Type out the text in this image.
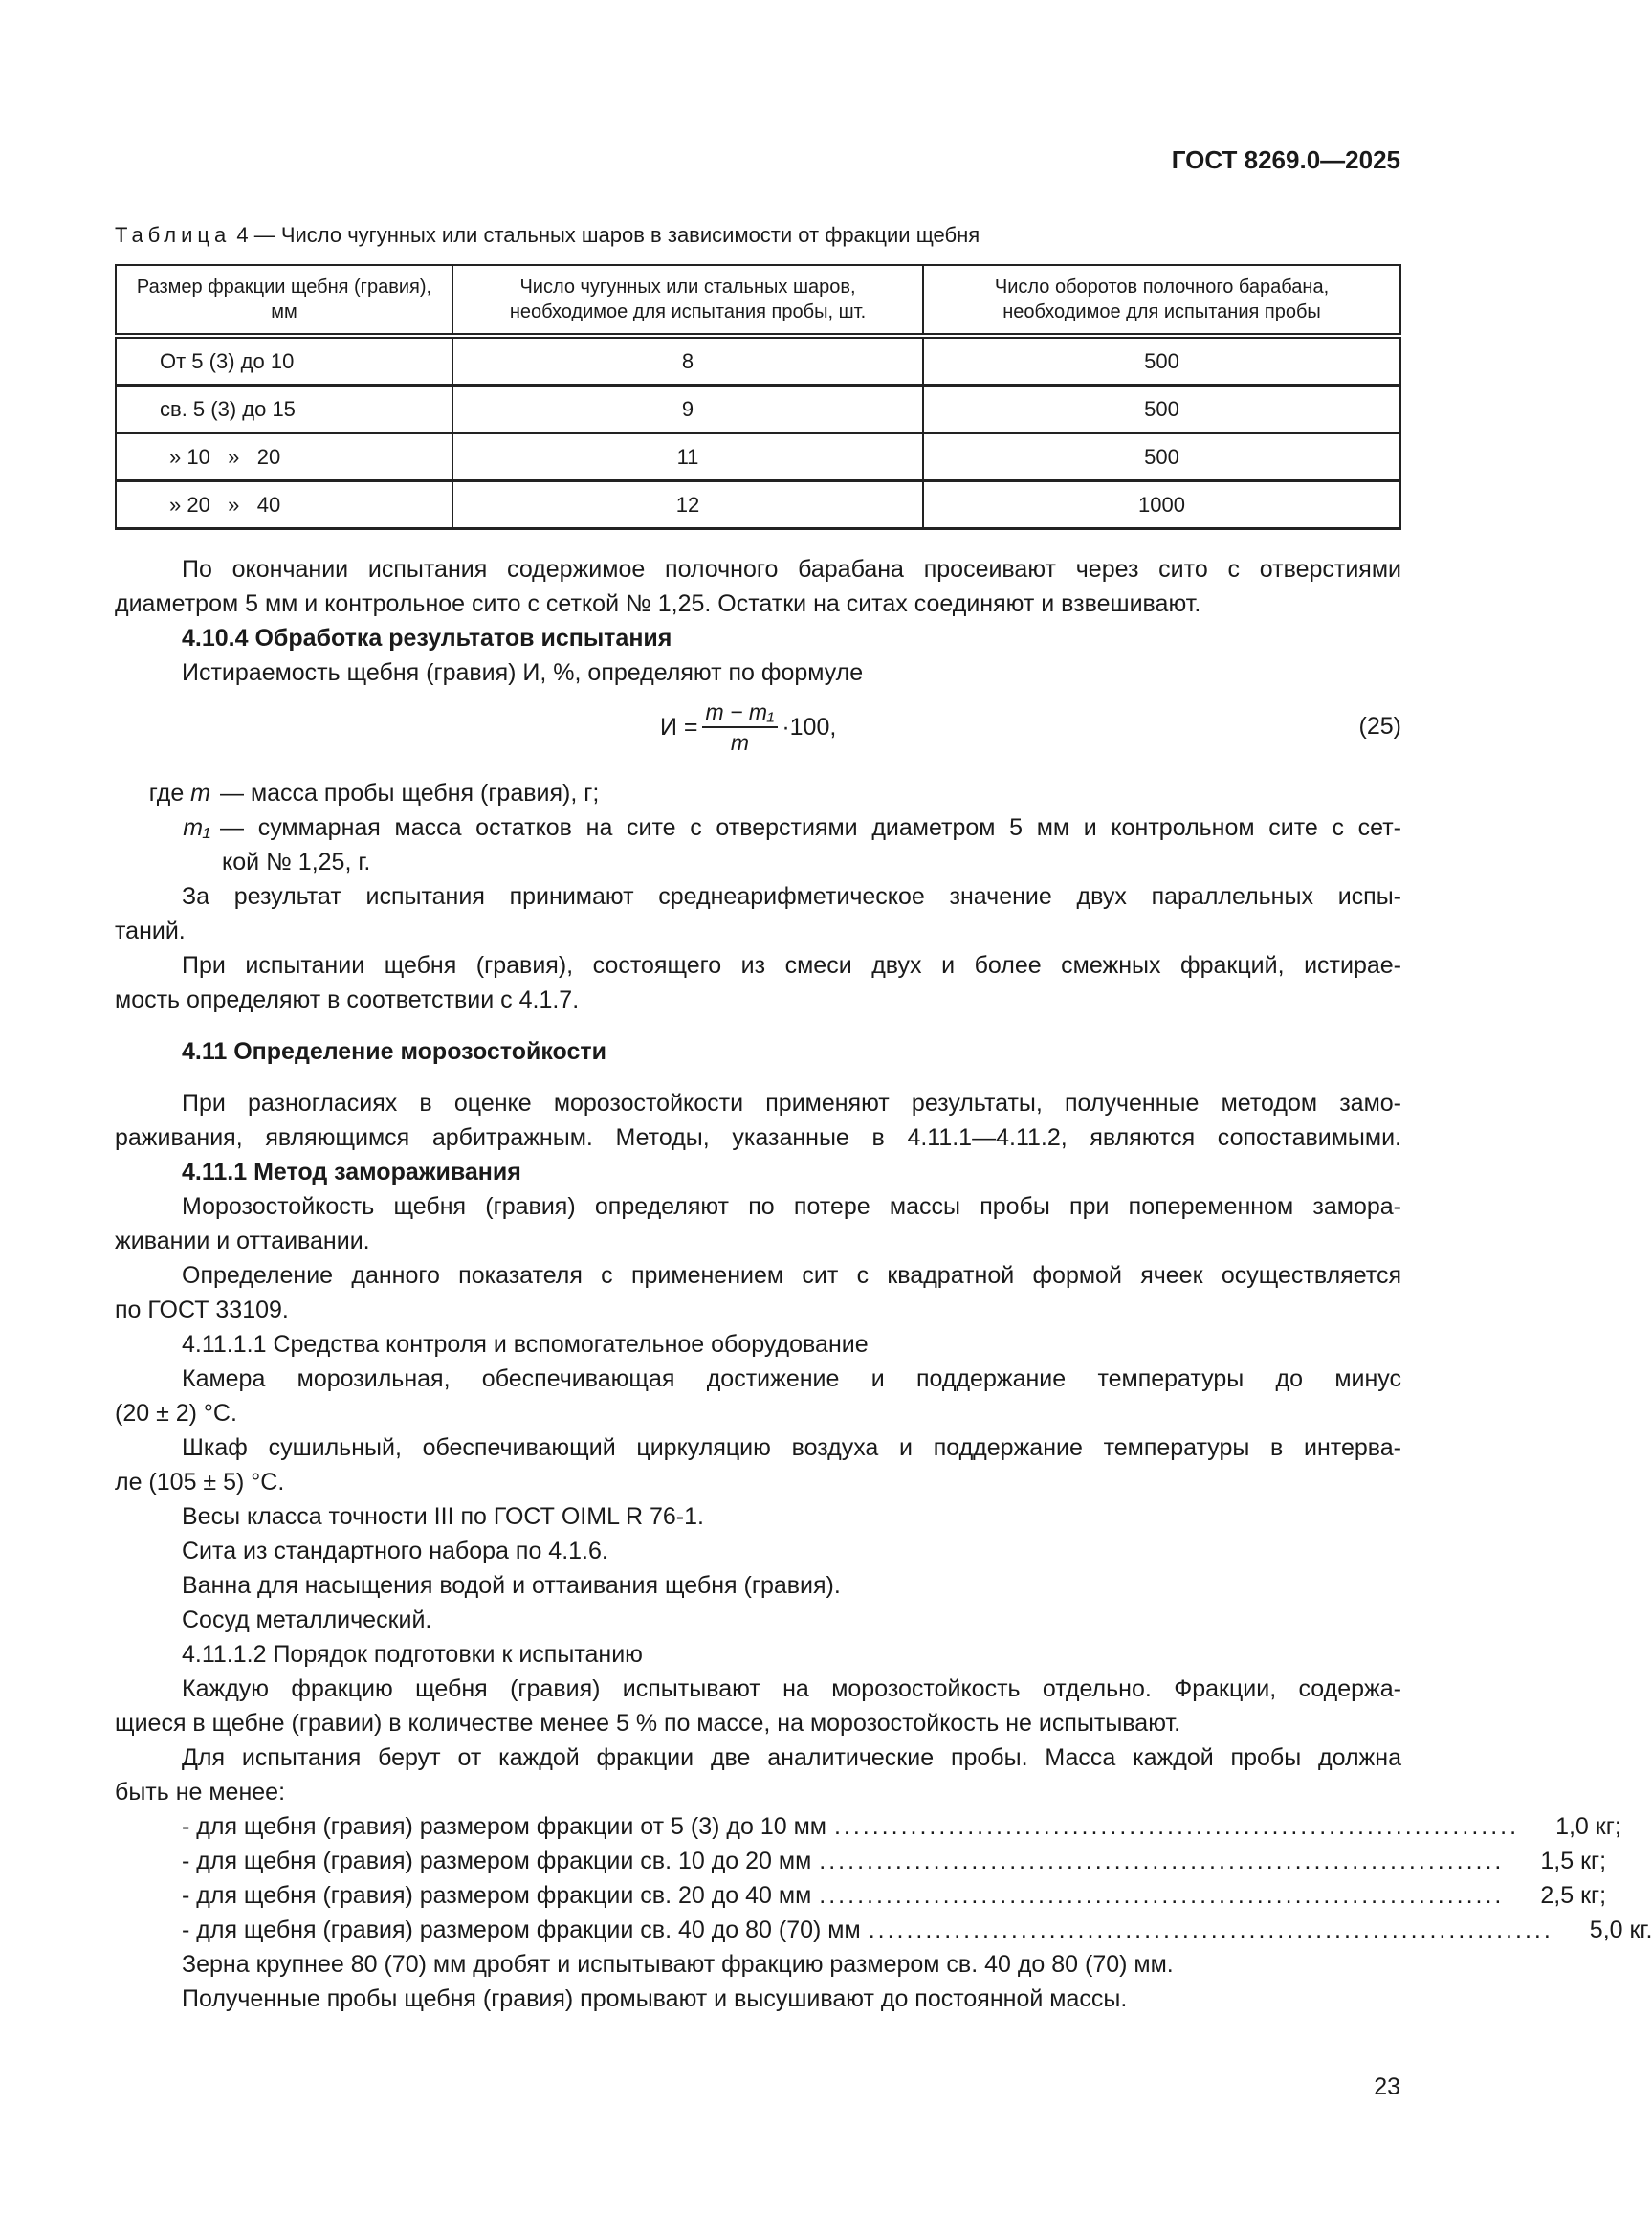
ГОСТ 8269.0—2025
Таблица 4 — Число чугунных или стальных шаров в зависимости от фракции щебня
Размер фракции щебня (гравия), мм	Число чугунных или стальных шаров, необходимое для испытания пробы, шт.	Число оборотов полочного барабана, необходимое для испытания пробы
От 5 (3) до 10	8	500
св. 5 (3) до 15	9	500
» 10   »   20	11	500
» 20   »   40	12	1000
По окончании испытания содержимое полочного барабана просеивают через сито с отверстиями
диаметром 5 мм и контрольное сито с сеткой № 1,25. Остатки на ситах соединяют и взвешивают.
4.10.4 Обработка результатов испытания
Истираемость щебня (гравия) И, %, определяют по формуле
$И = \frac{\text{m − m₁}}{m} \cdot 100$,	(25)
где m — масса пробы щебня (гравия), г;
m₁ — суммарная масса остатков на сите с отверстиями диаметром 5 мм и контрольном сите с сет-
кой № 1,25, г.
За результат испытания принимают среднеарифметическое значение двух параллельных испы-
таний.
При испытании щебня (гравия), состоящего из смеси двух и более смежных фракций, истирае-
мость определяют в соответствии с 4.1.7.
4.11 Определение морозостойкости
При разногласиях в оценке морозостойкости применяют результаты, полученные методом замо-
раживания, являющимся арбитражным. Методы, указанные в 4.11.1—4.11.2, являются сопоставимыми.
4.11.1 Метод замораживания
Морозостойкость щебня (гравия) определяют по потере массы пробы при попеременном замора-
живании и оттаивании.
Определение данного показателя с применением сит с квадратной формой ячеек осуществляется
по ГОСТ 33109.
4.11.1.1 Средства контроля и вспомогательное оборудование
Камера морозильная, обеспечивающая достижение и поддержание температуры до минус
(20 ± 2) °С.
Шкаф сушильный, обеспечивающий циркуляцию воздуха и поддержание температуры в интерва-
ле (105 ± 5) °С.
Весы класса точности III по ГОСТ OIML R 76-1.
Сита из стандартного набора по 4.1.6.
Ванна для насыщения водой и оттаивания щебня (гравия).
Сосуд металлический.
4.11.1.2 Порядок подготовки к испытанию
Каждую фракцию щебня (гравия) испытывают на морозостойкость отдельно. Фракции, содержа-
щиеся в щебне (гравии) в количестве менее 5 % по массе, на морозостойкость не испытывают.
Для испытания берут от каждой фракции две аналитические пробы. Масса каждой пробы должна
быть не менее:
- для щебня (гравия) размером фракции от 5 (3) до 10 мм ........................................................................	1,0 кг;
- для щебня (гравия) размером фракции св. 10 до 20 мм ........................................................................	1,5 кг;
- для щебня (гравия) размером фракции св. 20 до 40 мм ........................................................................	2,5 кг;
- для щебня (гравия) размером фракции св. 40 до 80 (70) мм ........................................................................	5,0 кг.
Зерна крупнее 80 (70) мм дробят и испытывают фракцию размером св. 40 до 80 (70) мм.
Полученные пробы щебня (гравия) промывают и высушивают до постоянной массы.
23
